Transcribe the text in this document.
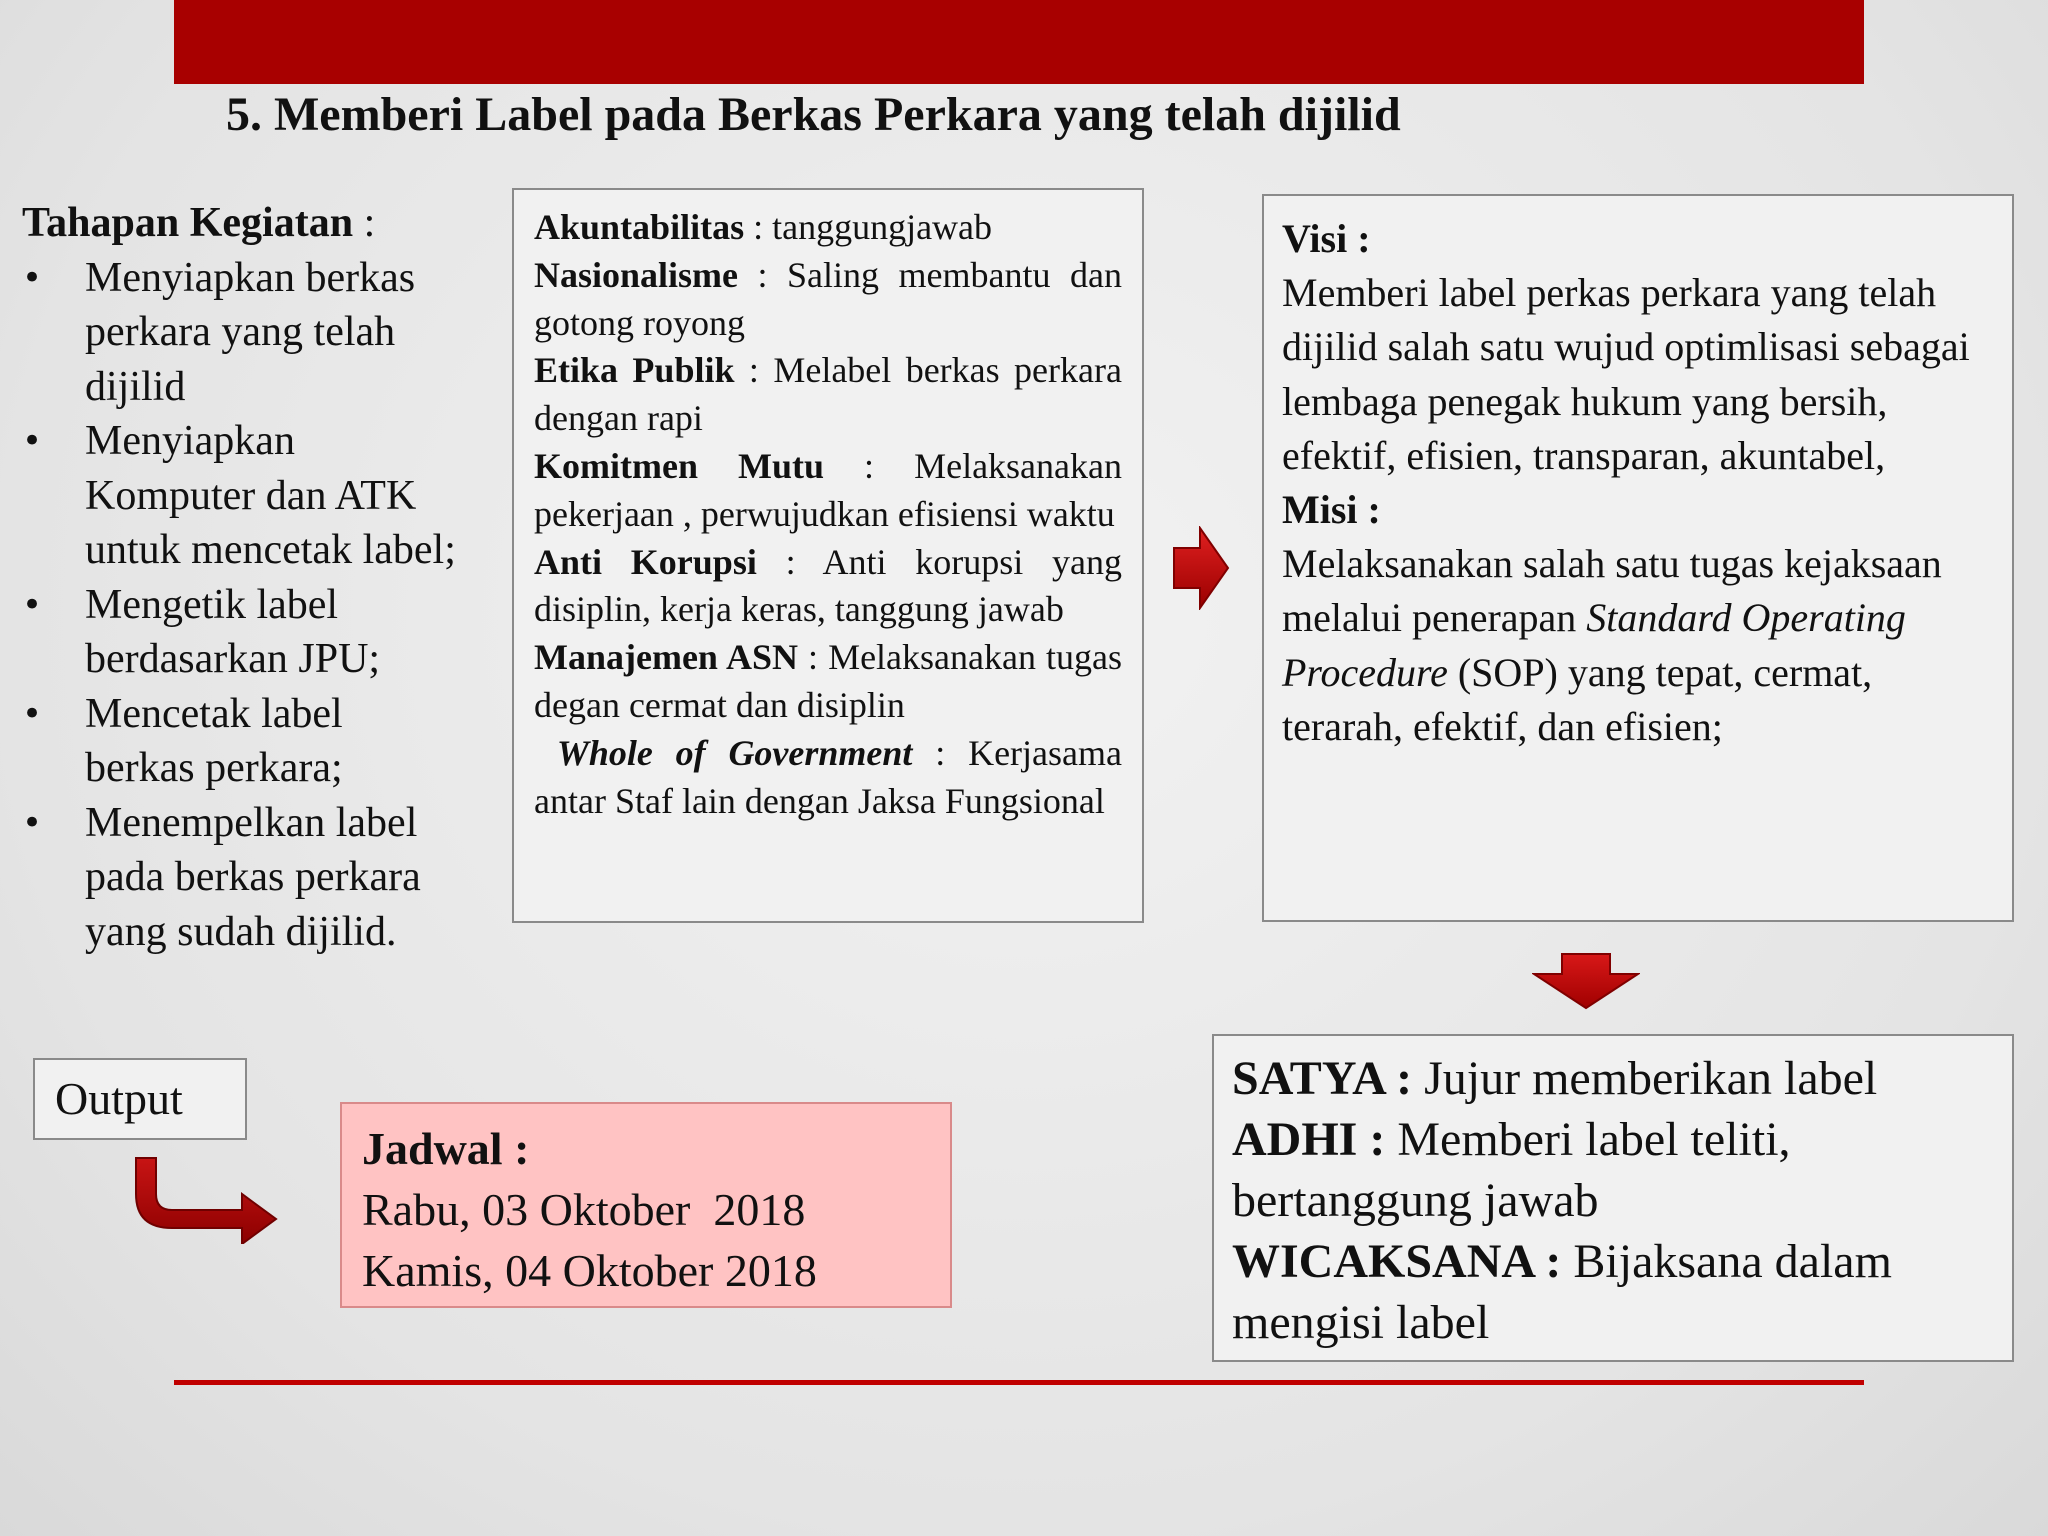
5. Memberi Label pada Berkas Perkara yang telah dijilid
Tahapan Kegiatan :
• Menyiapkan berkas perkara yang telah dijilid
• Menyiapkan Komputer dan ATK untuk mencetak label;
• Mengetik label berdasarkan JPU;
• Mencetak label berkas perkara;
• Menempelkan label pada berkas perkara yang sudah dijilid.

Akuntabilitas : tanggungjawab

Nasionalisme : Saling membantu dan gotong royong

Etika Publik : Melabel berkas perkara dengan rapi

Komitmen Mutu : Melaksanakan pekerjaan , perwujudkan efisiensi waktu

Anti Korupsi : Anti korupsi yang disiplin, kerja keras, tanggung jawab

Manajemen ASN : Melaksanakan tugas degan cermat dan disiplin

Whole of Government : Kerjasama antar Staf lain dengan Jaksa Fungsional

Visi :

Memberi label perkas perkara yang telah dijilid salah satu wujud optimlisasi sebagai lembaga penegak hukum yang bersih, efektif, efisien, transparan, akuntabel,

Misi :

Melaksanakan salah satu tugas kejaksaan melalui penerapan Standard Operating Procedure (SOP) yang tepat, cermat, terarah, efektif, dan efisien;

Output

Jadwal :

Rabu, 03 Oktober  2018

Kamis, 04 Oktober 2018

SATYA : Jujur memberikan label

ADHI : Memberi label teliti, bertanggung jawab

WICAKSANA : Bijaksana dalam mengisi label
